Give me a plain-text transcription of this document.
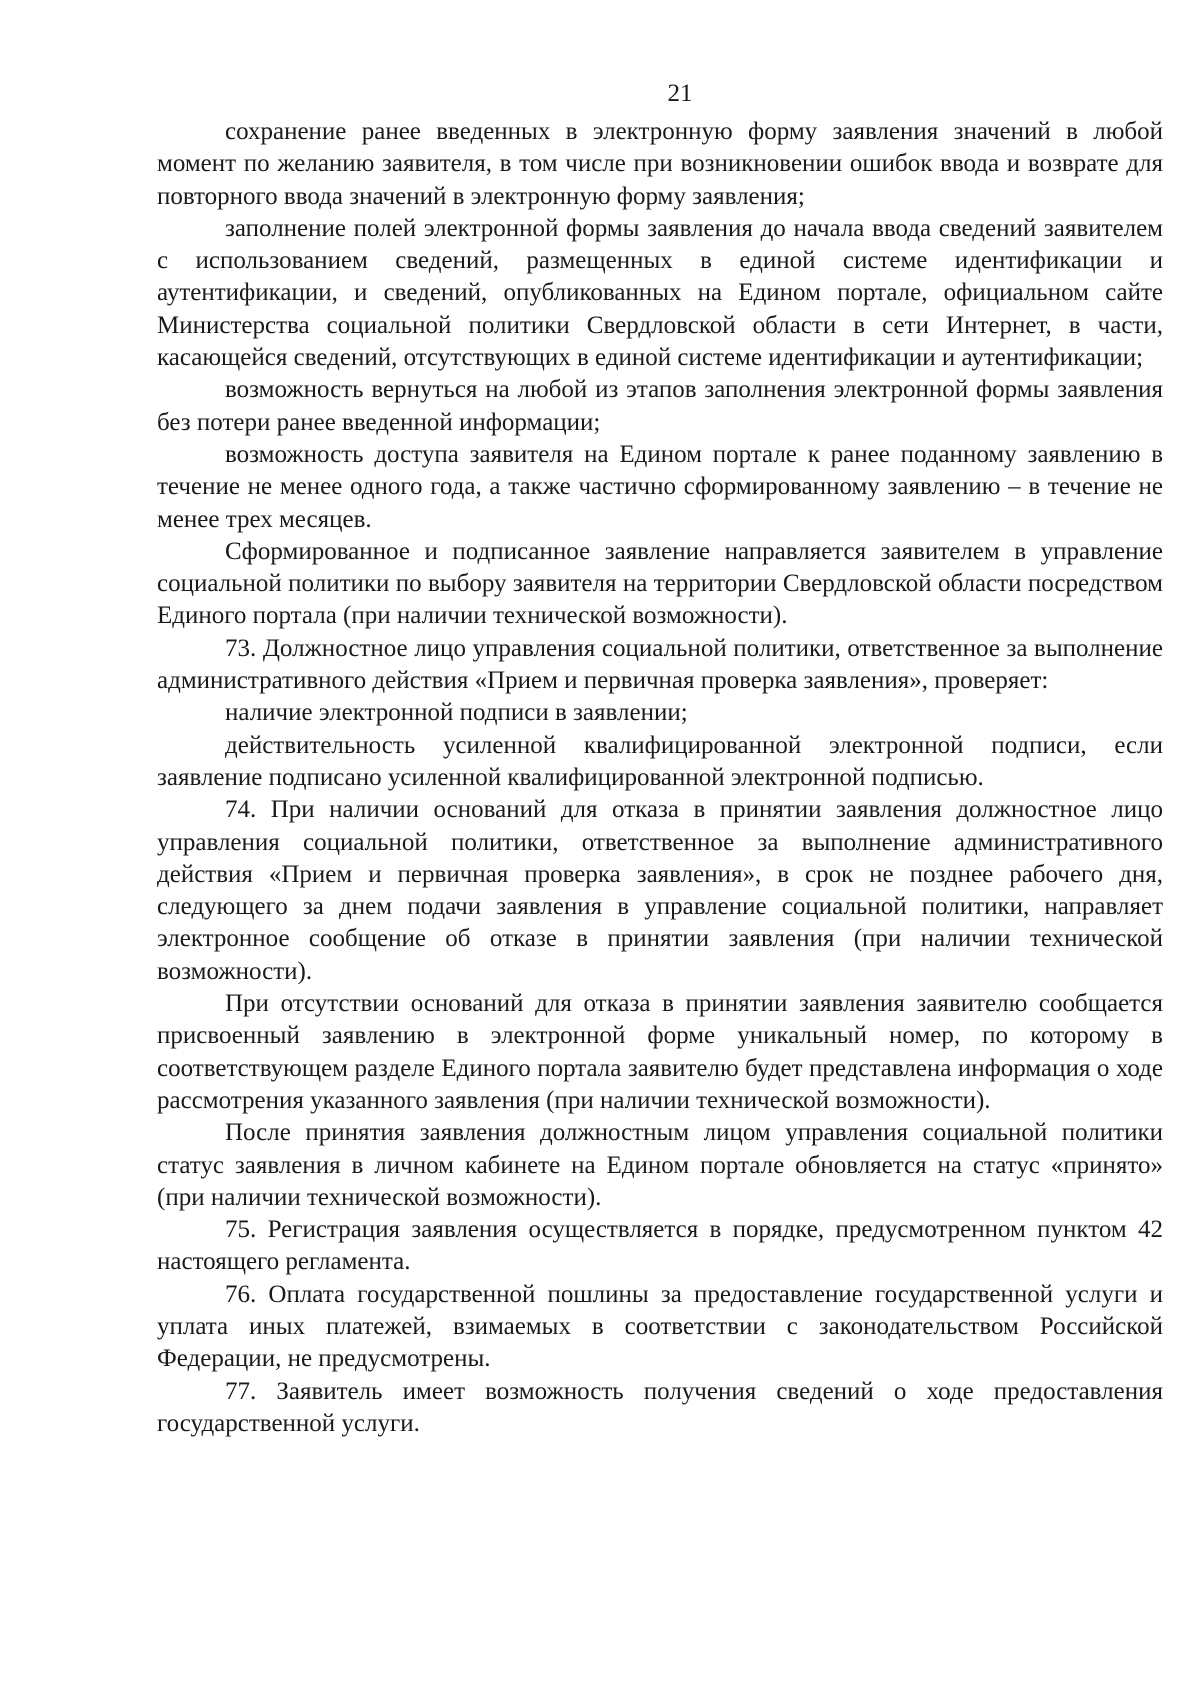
21

сохранение ранее введенных в электронную форму заявления значений в любой момент по желанию заявителя, в том числе при возникновении ошибок ввода и возврате для повторного ввода значений в электронную форму заявления;

заполнение полей электронной формы заявления до начала ввода сведений заявителем с использованием сведений, размещенных в единой системе идентификации и аутентификации, и сведений, опубликованных на Едином портале, официальном сайте Министерства социальной политики Свердловской области в сети Интернет, в части, касающейся сведений, отсутствующих в единой системе идентификации и аутентификации;

возможность вернуться на любой из этапов заполнения электронной формы заявления без потери ранее введенной информации;

возможность доступа заявителя на Едином портале к ранее поданному заявлению в течение не менее одного года, а также частично сформированному заявлению – в течение не менее трех месяцев.

Сформированное и подписанное заявление направляется заявителем в управление социальной политики по выбору заявителя на территории Свердловской области посредством Единого портала (при наличии технической возможности).

73. Должностное лицо управления социальной политики, ответственное за выполнение административного действия «Прием и первичная проверка заявления», проверяет:

наличие электронной подписи в заявлении;

действительность усиленной квалифицированной электронной подписи, если заявление подписано усиленной квалифицированной электронной подписью.

74. При наличии оснований для отказа в принятии заявления должностное лицо управления социальной политики, ответственное за выполнение административного действия «Прием и первичная проверка заявления», в срок не позднее рабочего дня, следующего за днем подачи заявления в управление социальной политики, направляет электронное сообщение об отказе в принятии заявления (при наличии технической возможности).

При отсутствии оснований для отказа в принятии заявления заявителю сообщается присвоенный заявлению в электронной форме уникальный номер, по которому в соответствующем разделе Единого портала заявителю будет представлена информация о ходе рассмотрения указанного заявления (при наличии технической возможности).

После принятия заявления должностным лицом управления социальной политики статус заявления в личном кабинете на Едином портале обновляется на статус «принято» (при наличии технической возможности).

75. Регистрация заявления осуществляется в порядке, предусмотренном пунктом 42 настоящего регламента.

76. Оплата государственной пошлины за предоставление государственной услуги и уплата иных платежей, взимаемых в соответствии с законодательством Российской Федерации, не предусмотрены.

77. Заявитель имеет возможность получения сведений о ходе предоставления государственной услуги.
